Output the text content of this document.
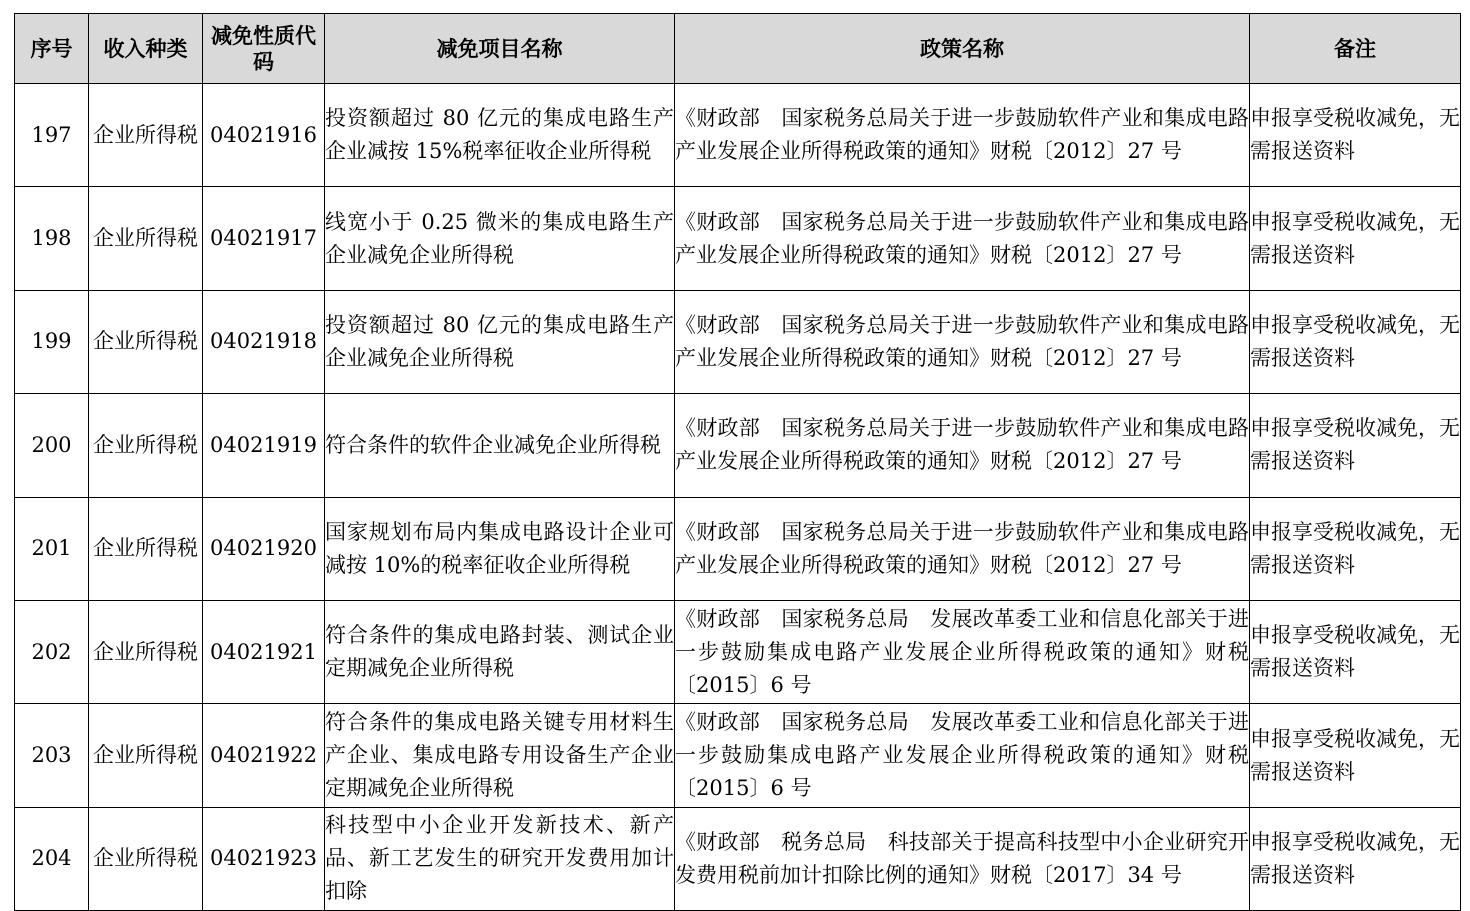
序号	收入种类	减免性质代码	减免项目名称	政策名称	备注
197	企业所得税	04021916	投资额超过 80 亿元的集成电路生产企业减按 15%税率征收企业所得税	《财政部　国家税务总局关于进一步鼓励软件产业和集成电路产业发展企业所得税政策的通知》财税〔2012〕27 号	申报享受税收减免，无需报送资料
198	企业所得税	04021917	线宽小于 0.25 微米的集成电路生产企业减免企业所得税	《财政部　国家税务总局关于进一步鼓励软件产业和集成电路产业发展企业所得税政策的通知》财税〔2012〕27 号	申报享受税收减免，无需报送资料
199	企业所得税	04021918	投资额超过 80 亿元的集成电路生产企业减免企业所得税	《财政部　国家税务总局关于进一步鼓励软件产业和集成电路产业发展企业所得税政策的通知》财税〔2012〕27 号	申报享受税收减免，无需报送资料
200	企业所得税	04021919	符合条件的软件企业减免企业所得税	《财政部　国家税务总局关于进一步鼓励软件产业和集成电路产业发展企业所得税政策的通知》财税〔2012〕27 号	申报享受税收减免，无需报送资料
201	企业所得税	04021920	国家规划布局内集成电路设计企业可减按 10%的税率征收企业所得税	《财政部　国家税务总局关于进一步鼓励软件产业和集成电路产业发展企业所得税政策的通知》财税〔2012〕27 号	申报享受税收减免，无需报送资料
202	企业所得税	04021921	符合条件的集成电路封装、测试企业定期减免企业所得税	《财政部　国家税务总局　发展改革委工业和信息化部关于进一步鼓励集成电路产业发展企业所得税政策的通知》财税〔2015〕6 号	申报享受税收减免，无需报送资料
203	企业所得税	04021922	符合条件的集成电路关键专用材料生产企业、集成电路专用设备生产企业定期减免企业所得税	《财政部　国家税务总局　发展改革委工业和信息化部关于进一步鼓励集成电路产业发展企业所得税政策的通知》财税〔2015〕6 号	申报享受税收减免，无需报送资料
204	企业所得税	04021923	科技型中小企业开发新技术、新产品、新工艺发生的研究开发费用加计扣除	《财政部　税务总局　科技部关于提高科技型中小企业研究开发费用税前加计扣除比例的通知》财税〔2017〕34 号	申报享受税收减免，无需报送资料
